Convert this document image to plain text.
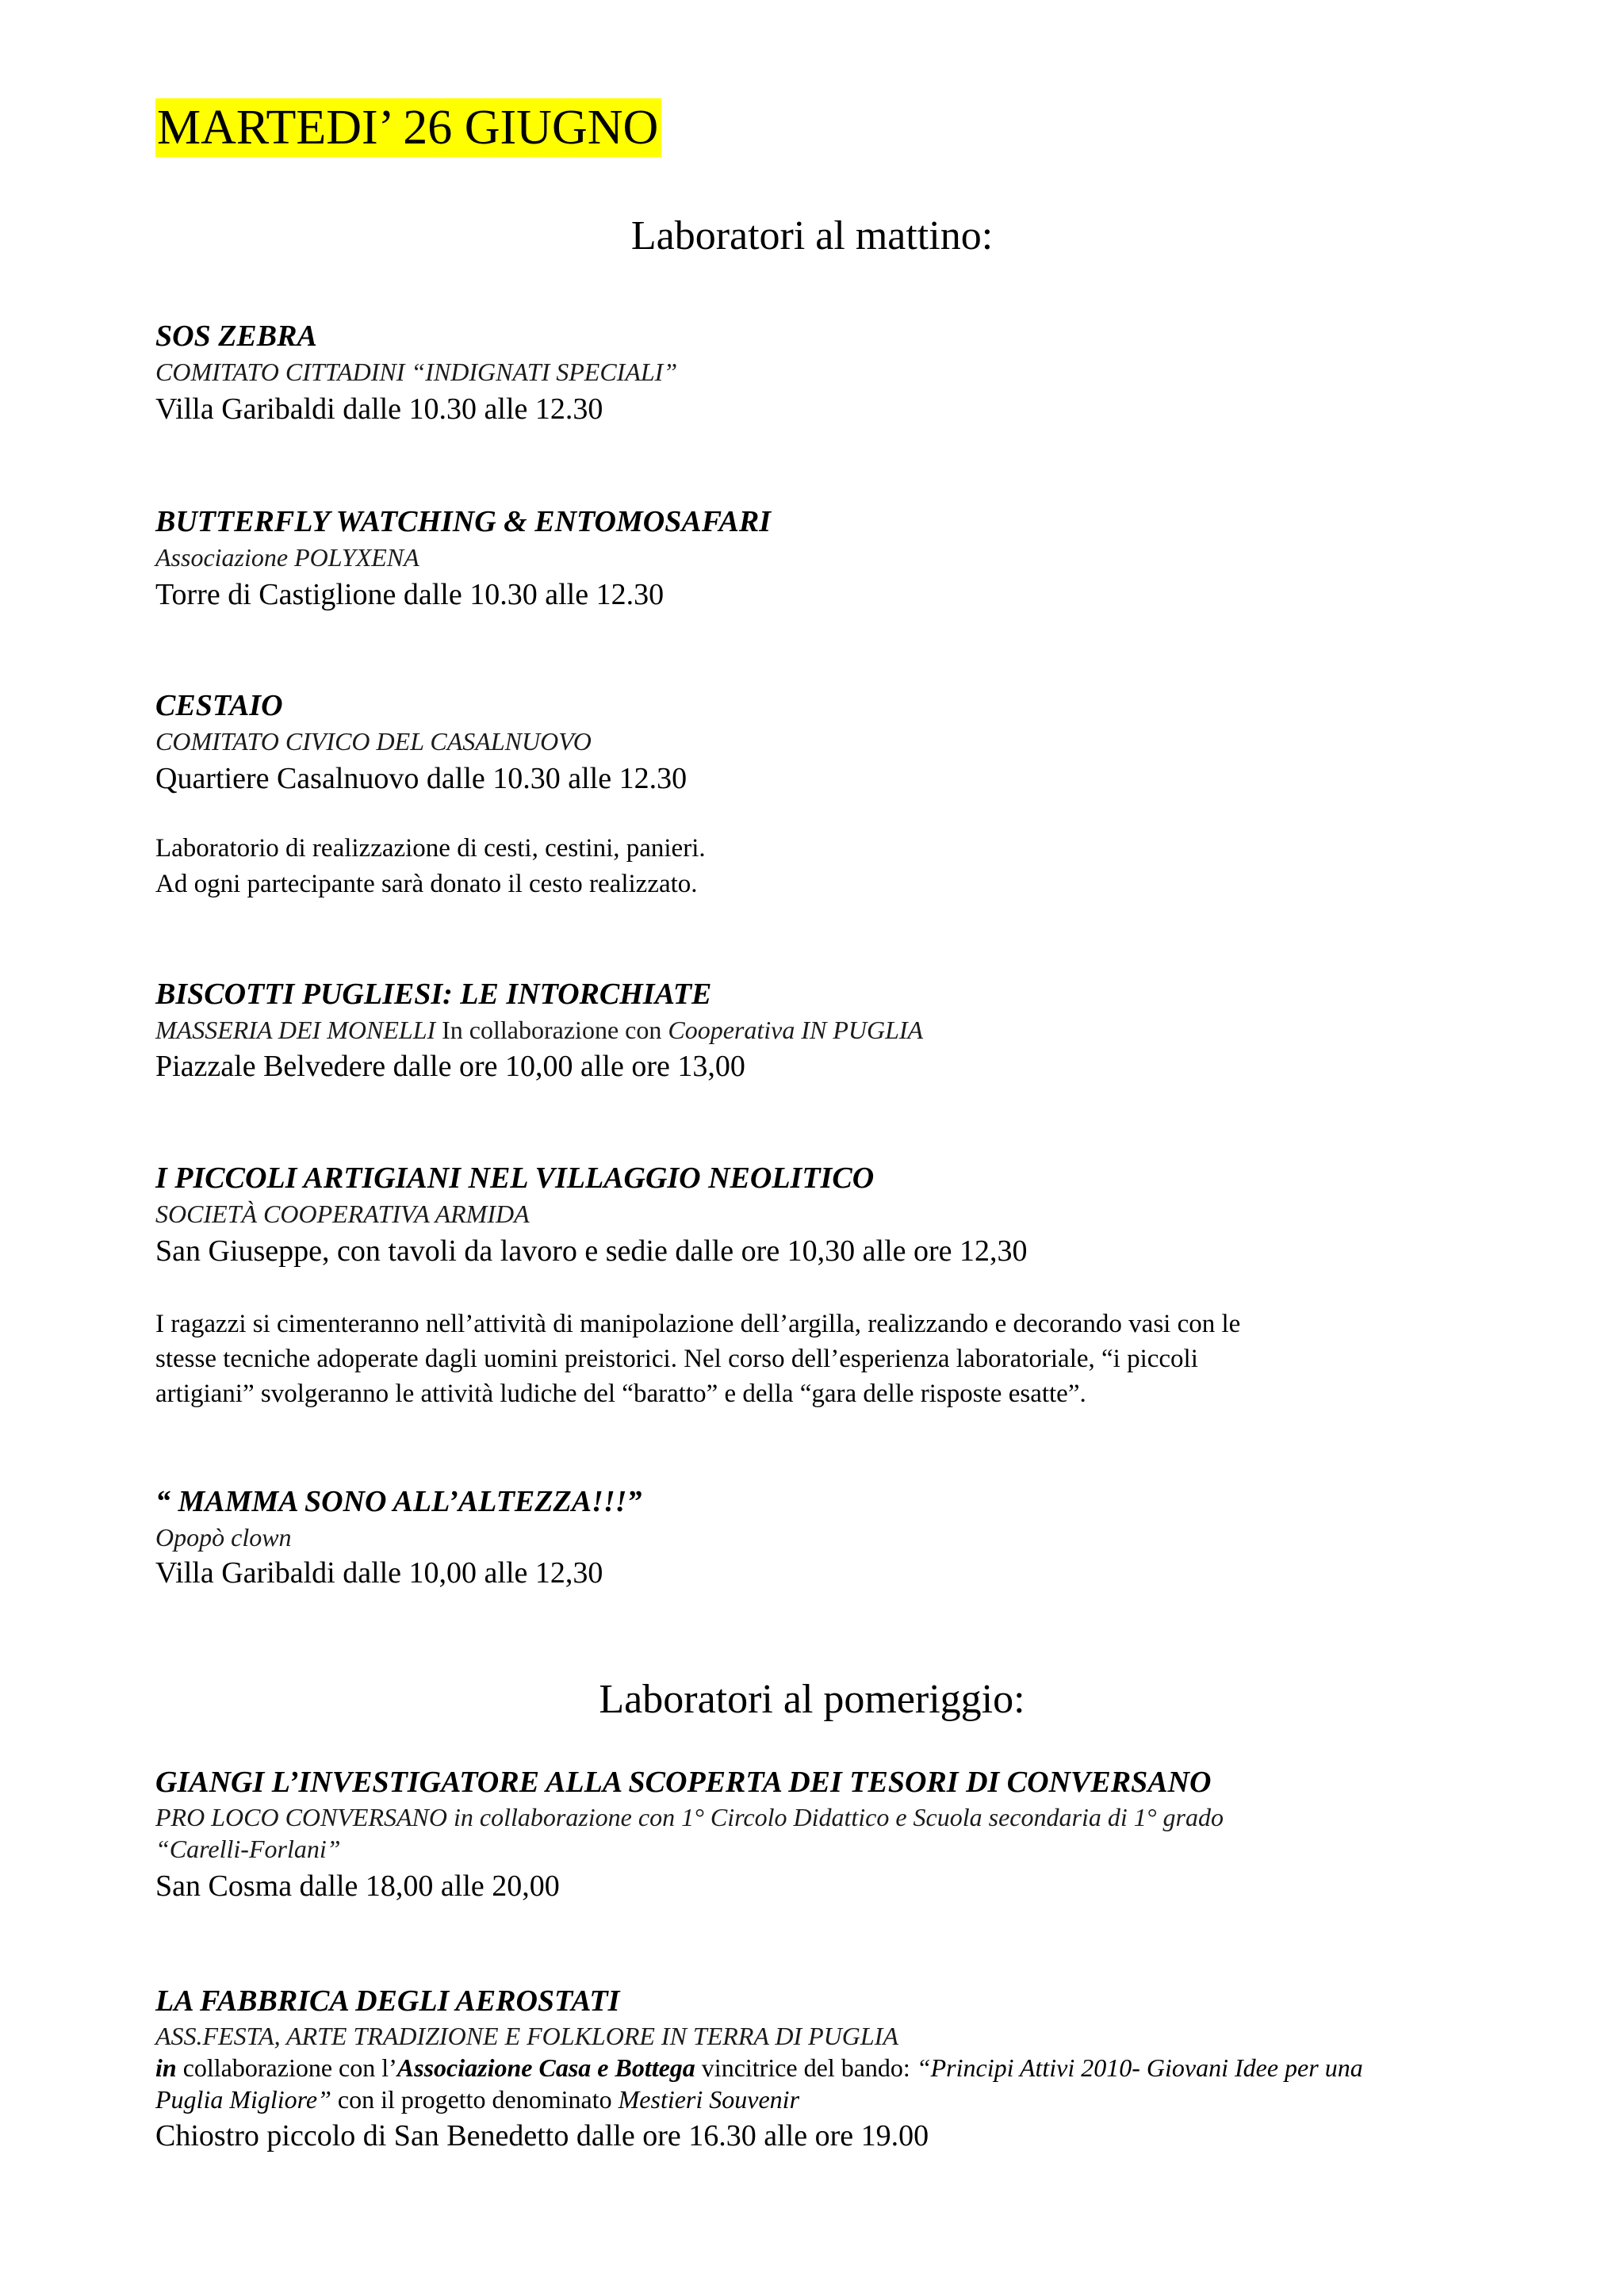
MARTEDI’ 26 GIUGNO
Laboratori al mattino:

SOS ZEBRA

COMITATO CITTADINI “INDIGNATI SPECIALI”

Villa Garibaldi dalle 10.30 alle 12.30

BUTTERFLY WATCHING & ENTOMOSAFARI

Associazione POLYXENA

Torre di Castiglione dalle 10.30 alle 12.30

CESTAIO

COMITATO CIVICO DEL CASALNUOVO

Quartiere Casalnuovo dalle 10.30 alle 12.30

Laboratorio di realizzazione di cesti, cestini, panieri.

Ad ogni partecipante sarà donato il cesto realizzato.

BISCOTTI PUGLIESI: LE INTORCHIATE

MASSERIA DEI MONELLI In collaborazione con Cooperativa IN PUGLIA

Piazzale Belvedere dalle ore 10,00 alle ore 13,00

I PICCOLI ARTIGIANI NEL VILLAGGIO NEOLITICO

SOCIETÀ COOPERATIVA ARMIDA

San Giuseppe, con tavoli da lavoro e sedie dalle ore 10,30 alle ore 12,30

I ragazzi si cimenteranno nell’attività di manipolazione dell’argilla, realizzando e decorando vasi con le

stesse tecniche adoperate dagli uomini preistorici. Nel corso dell’esperienza laboratoriale, “i piccoli

artigiani” svolgeranno le attività ludiche del “baratto” e della “gara delle risposte esatte”.

“ MAMMA SONO ALL’ALTEZZA!!!”

Opopò clown

Villa Garibaldi dalle 10,00 alle 12,30

Laboratori al pomeriggio:

GIANGI L’INVESTIGATORE ALLA SCOPERTA DEI TESORI DI CONVERSANO

PRO LOCO CONVERSANO in collaborazione con 1° Circolo Didattico e Scuola secondaria di 1° grado

“Carelli-Forlani”

San Cosma dalle 18,00 alle 20,00

LA FABBRICA DEGLI AEROSTATI

ASS.FESTA, ARTE TRADIZIONE E FOLKLORE IN TERRA DI PUGLIA

in collaborazione con l’Associazione Casa e Bottega vincitrice del bando: “Principi Attivi 2010- Giovani Idee per una

Puglia Migliore” con il progetto denominato Mestieri Souvenir

Chiostro piccolo di San Benedetto dalle ore 16.30 alle ore 19.00
